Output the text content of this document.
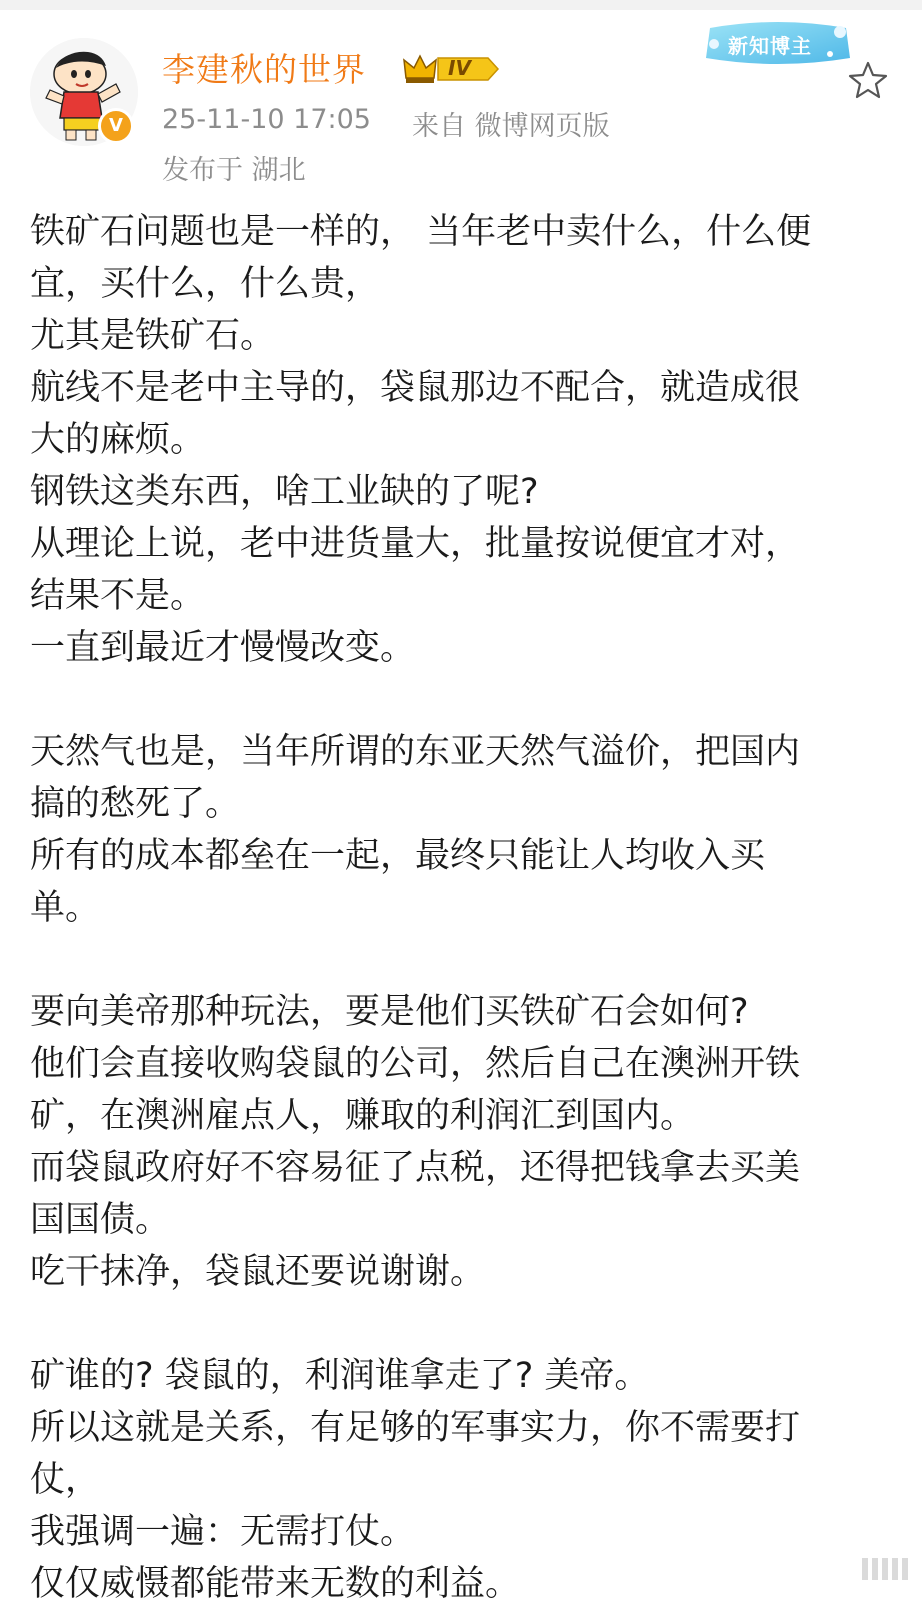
V
李建秋的世界	IV
25-11-10 17:05 来自 微博网页版
发布于 湖北
新知博主
铁矿石问题也是一样的， 当年老中卖什么，什么便
宜，买什么，什么贵，
尤其是铁矿石。
航线不是老中主导的，袋鼠那边不配合，就造成很
大的麻烦。
钢铁这类东西，啥工业缺的了呢?
从理论上说，老中进货量大，批量按说便宜才对，
结果不是。
一直到最近才慢慢改变。
天然气也是，当年所谓的东亚天然气溢价，把国内
搞的愁死了。
所有的成本都垒在一起，最终只能让人均收入买
单。
要向美帝那种玩法，要是他们买铁矿石会如何?
他们会直接收购袋鼠的公司，然后自己在澳洲开铁
矿，在澳洲雇点人，赚取的利润汇到国内。
而袋鼠政府好不容易征了点税，还得把钱拿去买美
国国债。
吃干抹净，袋鼠还要说谢谢。
矿谁的? 袋鼠的，利润谁拿走了? 美帝。
所以这就是关系，有足够的军事实力，你不需要打
仗，
我强调一遍：无需打仗。
仅仅威慑都能带来无数的利益。
